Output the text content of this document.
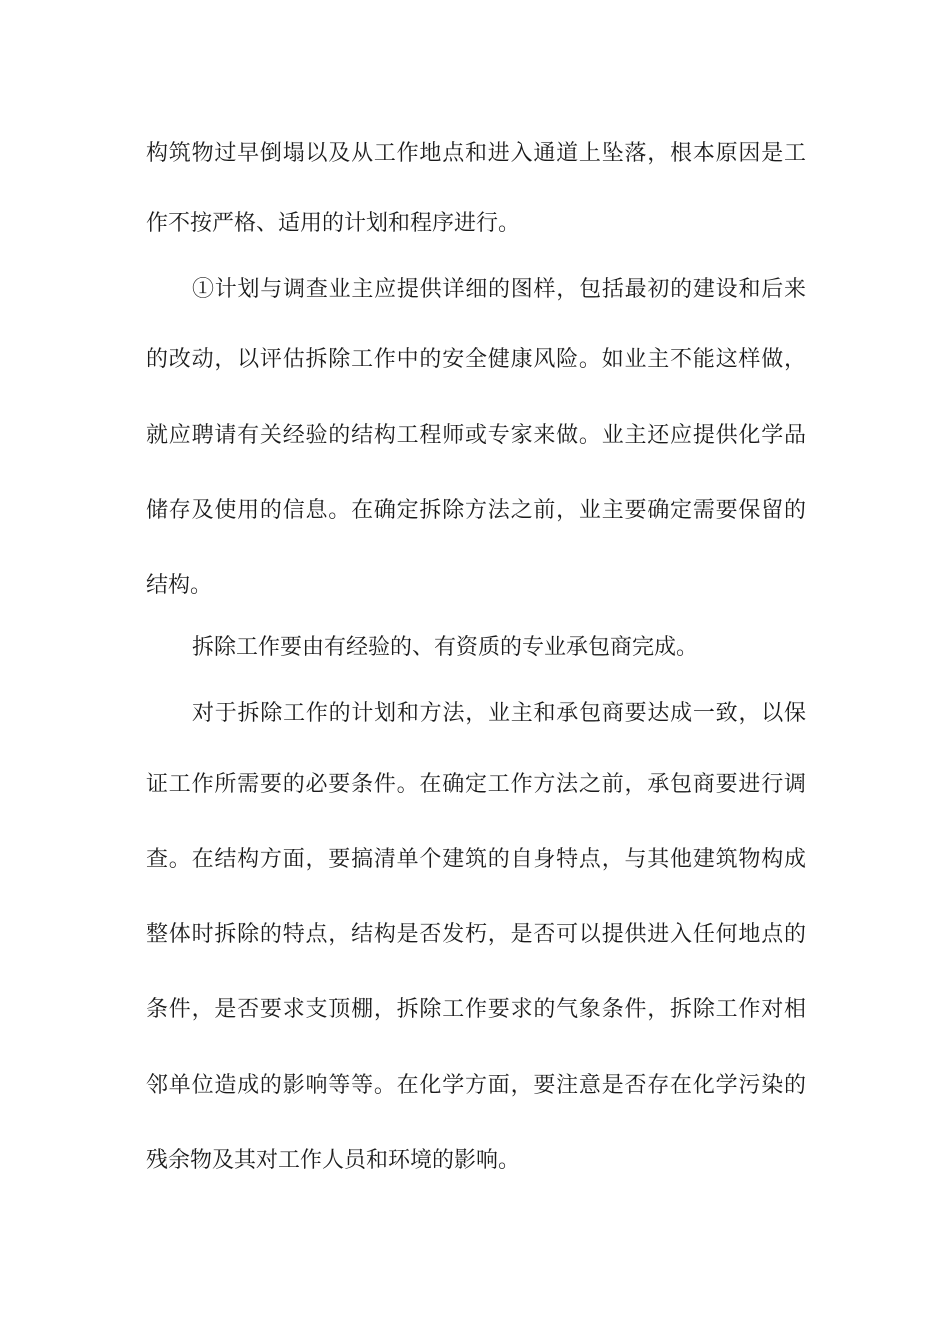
构筑物过早倒塌以及从工作地点和进入通道上坠落，根本原因是工
作不按严格、适用的计划和程序进行。
①计划与调查业主应提供详细的图样，包括最初的建设和后来
的改动，以评估拆除工作中的安全健康风险。如业主不能这样做，
就应聘请有关经验的结构工程师或专家来做。业主还应提供化学品
储存及使用的信息。在确定拆除方法之前，业主要确定需要保留的
结构。
拆除工作要由有经验的、有资质的专业承包商完成。
对于拆除工作的计划和方法，业主和承包商要达成一致，以保
证工作所需要的必要条件。在确定工作方法之前，承包商要进行调
查。在结构方面，要搞清单个建筑的自身特点，与其他建筑物构成
整体时拆除的特点，结构是否发朽，是否可以提供进入任何地点的
条件，是否要求支顶棚，拆除工作要求的气象条件，拆除工作对相
邻单位造成的影响等等。在化学方面，要注意是否存在化学污染的
残余物及其对工作人员和环境的影响。
